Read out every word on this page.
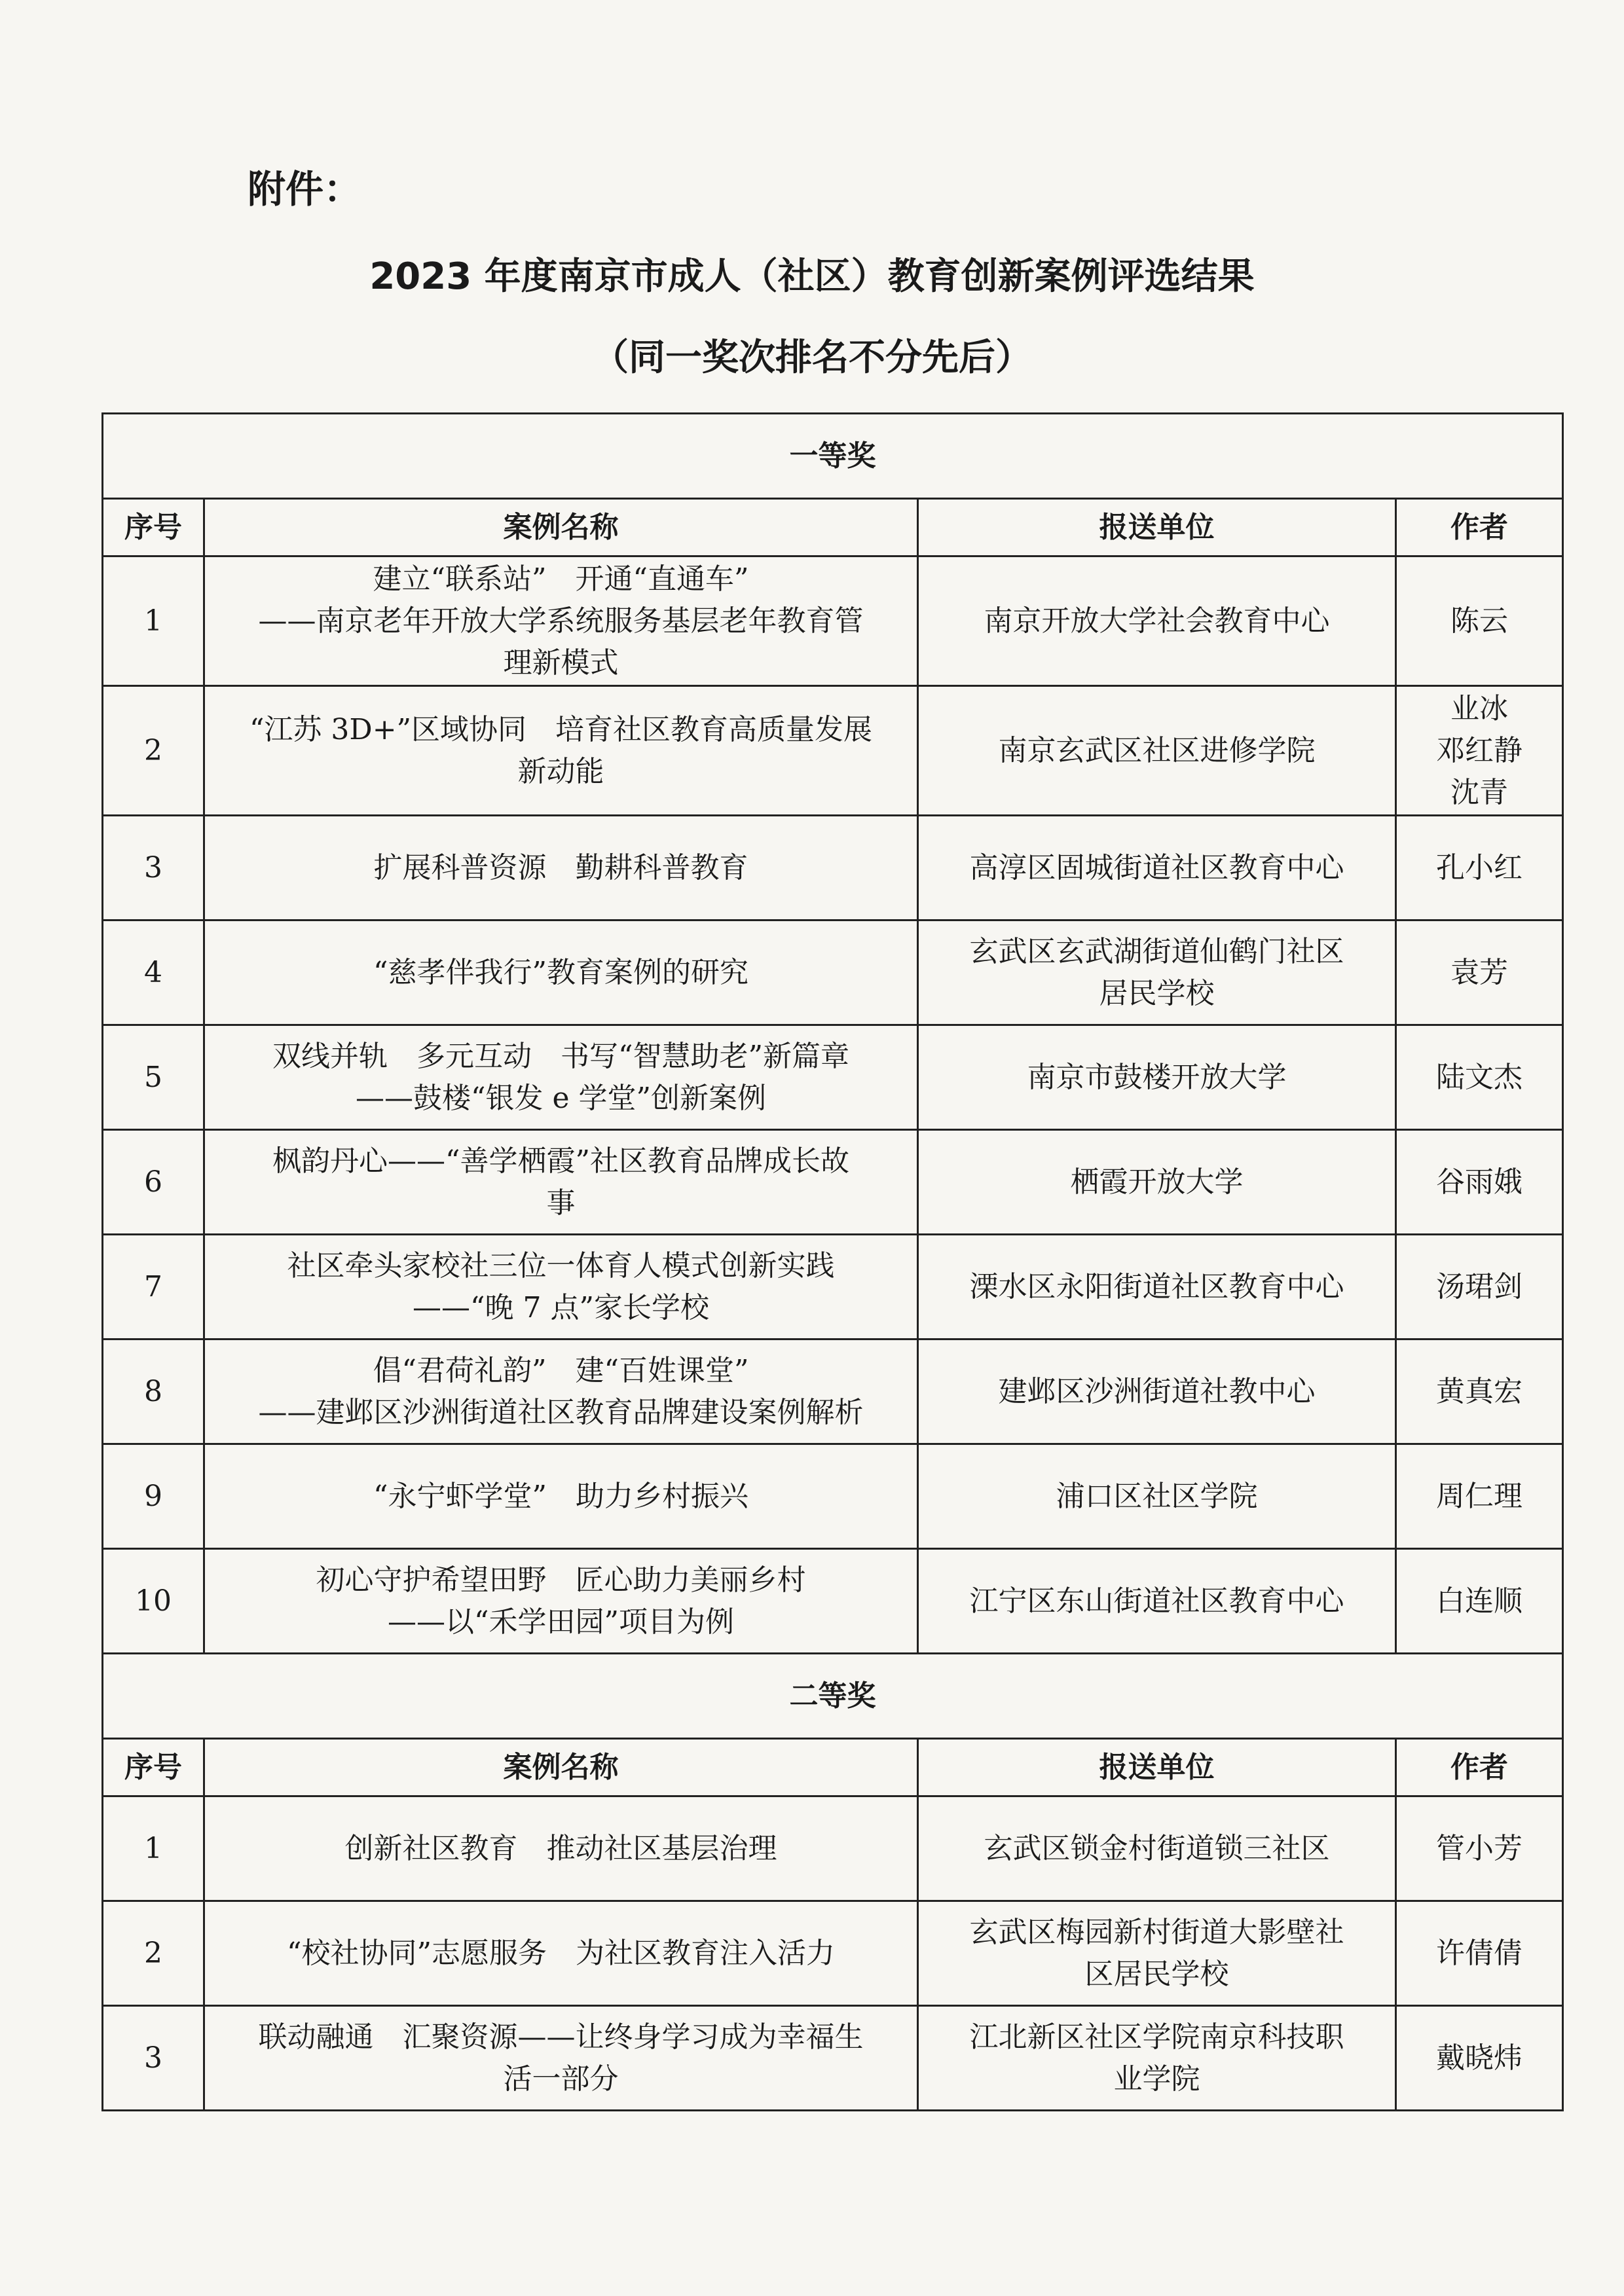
附件：
2023 年度南京市成人（社区）教育创新案例评选结果
（同一奖次排名不分先后）
一等奖			
序号	案例名称	报送单位	作者
1	建立“联系站”　开通“直通车”
——南京老年开放大学系统服务基层老年教育管
理新模式	南京开放大学社会教育中心	陈云

2	“江苏 3D+”区域协同　培育社区教育高质量发展
新动能	南京玄武区社区进修学院	业冰
邓红静
沈青

3	扩展科普资源　勤耕科普教育	高淳区固城街道社区教育中心	孔小红

4	“慈孝伴我行”教育案例的研究	玄武区玄武湖街道仙鹤门社区
居民学校	袁芳

5	双线并轨　多元互动　书写“智慧助老”新篇章
——鼓楼“银发 e 学堂”创新案例	南京市鼓楼开放大学	陆文杰

6	枫韵丹心——“善学栖霞”社区教育品牌成长故
事	栖霞开放大学	谷雨娥

7	社区牵头家校社三位一体育人模式创新实践
——“晚 7 点”家长学校	溧水区永阳街道社区教育中心	汤珺剑

8	倡“君荷礼韵”　建“百姓课堂”
——建邺区沙洲街道社区教育品牌建设案例解析	建邺区沙洲街道社教中心	黄真宏

9	“永宁虾学堂”　助力乡村振兴	浦口区社区学院	周仁理

10	初心守护希望田野　匠心助力美丽乡村
——以“禾学田园”项目为例	江宁区东山街道社区教育中心	白连顺

二等奖			
序号	案例名称	报送单位	作者
1	创新社区教育　推动社区基层治理	玄武区锁金村街道锁三社区	管小芳

2	“校社协同”志愿服务　为社区教育注入活力	玄武区梅园新村街道大影壁社
区居民学校	许倩倩

3	联动融通　汇聚资源——让终身学习成为幸福生
活一部分	江北新区社区学院南京科技职
业学院	戴晓炜
